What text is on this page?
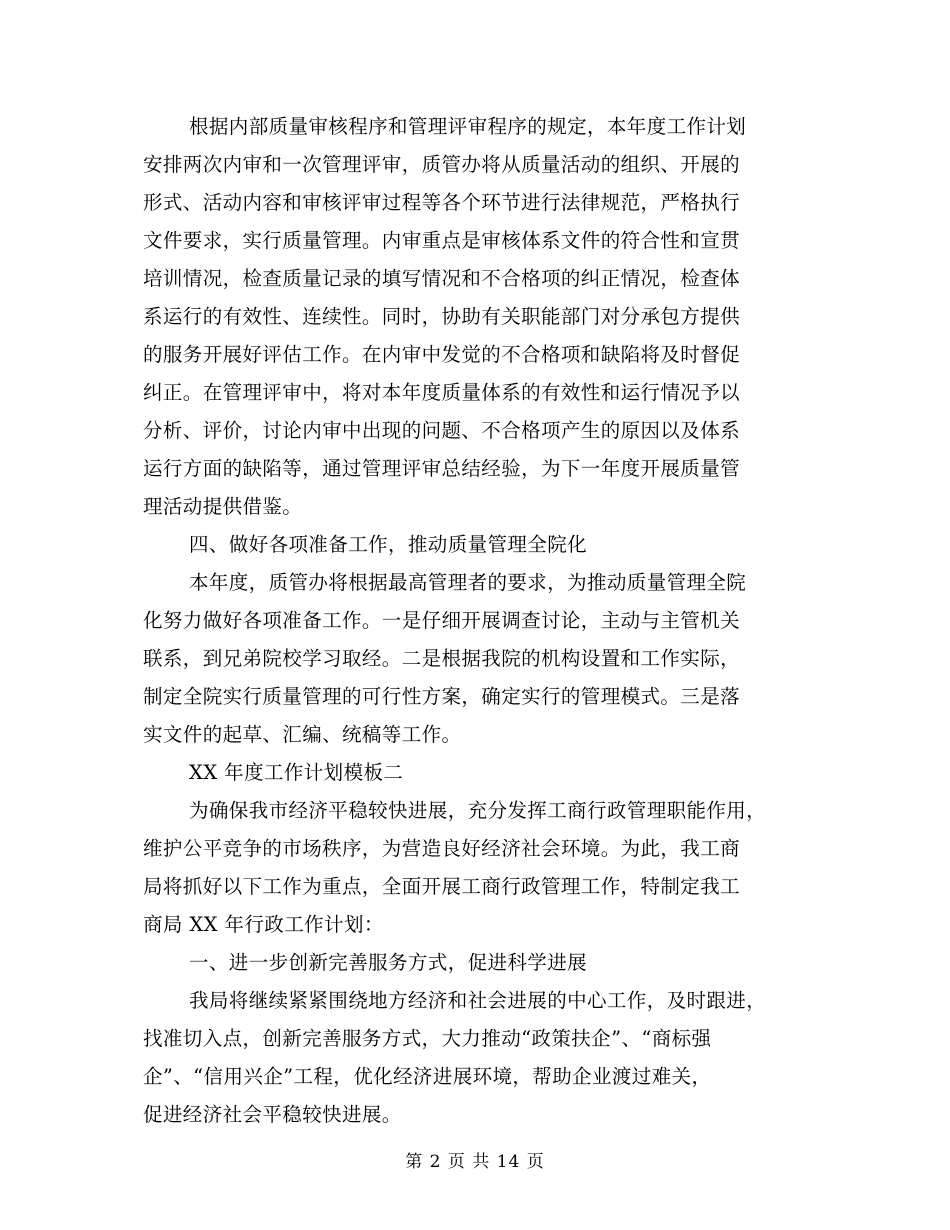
根据内部质量审核程序和管理评审程序的规定，本年度工作计划
安排两次内审和一次管理评审，质管办将从质量活动的组织、开展的
形式、活动内容和审核评审过程等各个环节进行法律规范，严格执行
文件要求，实行质量管理。内审重点是审核体系文件的符合性和宣贯
培训情况，检查质量记录的填写情况和不合格项的纠正情况，检查体
系运行的有效性、连续性。同时，协助有关职能部门对分承包方提供
的服务开展好评估工作。在内审中发觉的不合格项和缺陷将及时督促
纠正。在管理评审中，将对本年度质量体系的有效性和运行情况予以
分析、评价，讨论内审中出现的问题、不合格项产生的原因以及体系
运行方面的缺陷等，通过管理评审总结经验，为下一年度开展质量管
理活动提供借鉴。
四、做好各项准备工作，推动质量管理全院化
本年度，质管办将根据最高管理者的要求，为推动质量管理全院
化努力做好各项准备工作。一是仔细开展调查讨论，主动与主管机关
联系，到兄弟院校学习取经。二是根据我院的机构设置和工作实际，
制定全院实行质量管理的可行性方案，确定实行的管理模式。三是落
实文件的起草、汇编、统稿等工作。
XX 年度工作计划模板二
为确保我市经济平稳较快进展，充分发挥工商行政管理职能作用，
维护公平竞争的市场秩序，为营造良好经济社会环境。为此，我工商
局将抓好以下工作为重点，全面开展工商行政管理工作，特制定我工
商局 XX 年行政工作计划：
一、进一步创新完善服务方式，促进科学进展
我局将继续紧紧围绕地方经济和社会进展的中心工作，及时跟进，
找准切入点，创新完善服务方式，大力推动“政策扶企”、“商标强
企”、“信用兴企”工程，优化经济进展环境，帮助企业渡过难关，
促进经济社会平稳较快进展。
第 2 页 共 14 页
